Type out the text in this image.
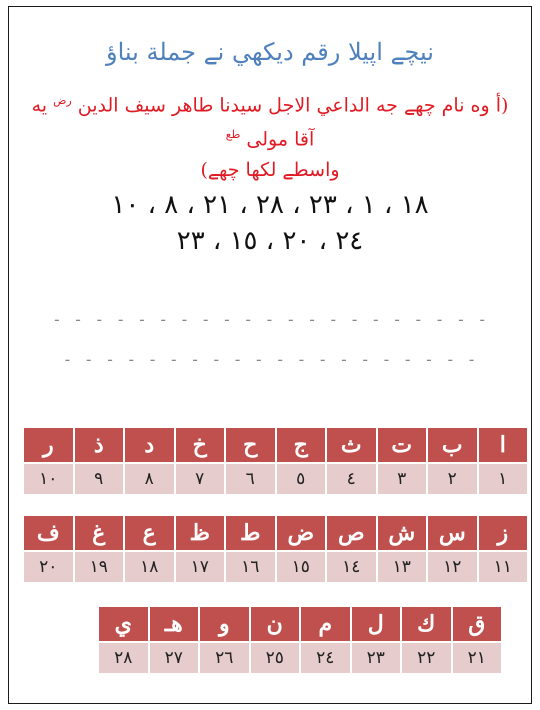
نیچے اپیلا رقم دیکھي نے جملة بناؤ
(أ وه نام چھے جه الداعي الاجل سيدنا طاهر سيف الدين $^{رض}$ يه آقا مولى $^{طع}$
واسطے لکھا چھے)
١٨ ، ١ ، ٢٣ ، ٢٨ ، ٢١ ، ٨ ، ١٠
٢٤ ، ٢٠ ، ١٥ ، ٢٣
- - - - - - - - - - - - - - - - - - - - -
- - - - - - - - - - - - - - - - - - - -
ا	ب	ت	ث	ج	ح	خ	د	ذ	ر
١	٢	٣	٤	٥	٦	٧	٨	٩	١٠
ز	س	ش	ص	ض	ط	ظ	ع	غ	ف
١١	١٢	١٣	١٤	١٥	١٦	١٧	١٨	١٩	٢٠
ق	ك	ل	م	ن	و	هـ	ي
٢١	٢٢	٢٣	٢٤	٢٥	٢٦	٢٧	٢٨
